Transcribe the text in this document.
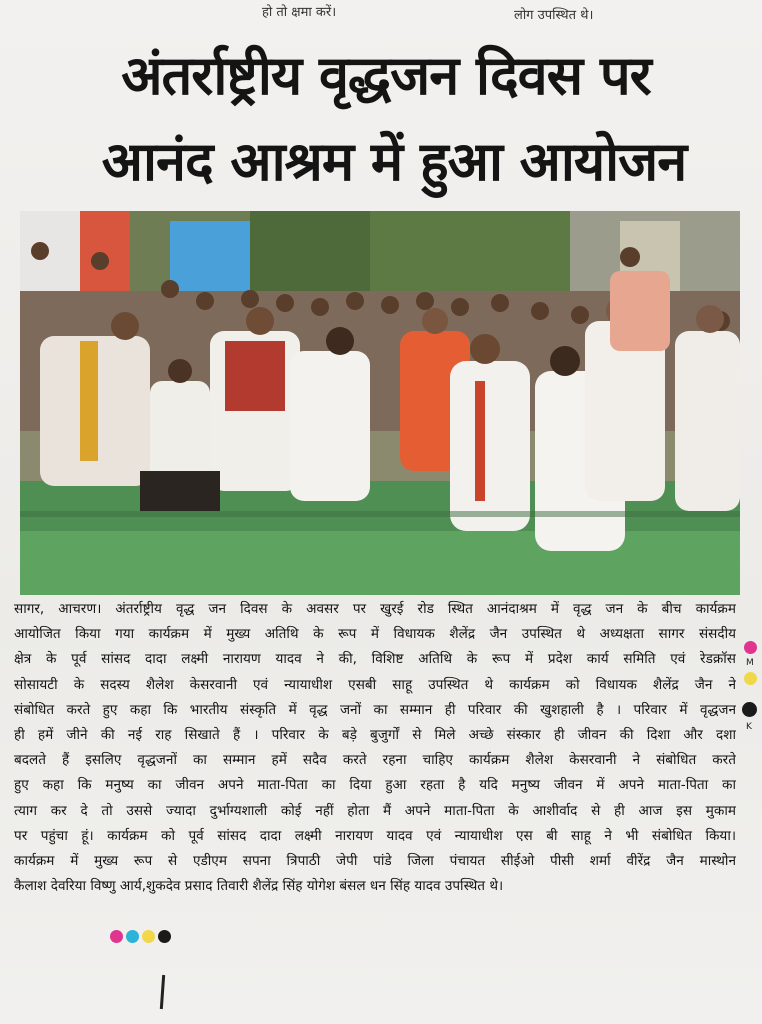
हो तो क्षमा करें।	लोग उपस्थित थे।
अंतर्राष्ट्रीय वृद्धजन दिवस पर
आनंद आश्रम में हुआ आयोजन
सागर, आचरण। अंतर्राष्ट्रीय वृद्ध जन दिवस के अवसर पर खुरई रोड स्थित आनंदाश्रम में वृद्ध जन के बीच कार्यक्रम
आयोजित किया गया कार्यक्रम में मुख्य अतिथि के रूप में विधायक शैलेंद्र जैन उपस्थित थे अध्यक्षता सागर संसदीय
क्षेत्र के पूर्व सांसद दादा लक्ष्मी नारायण यादव ने की, विशिष्ट अतिथि के रूप में प्रदेश कार्य समिति एवं रेडक्रॉस
सोसायटी के सदस्य शैलेश केसरवानी एवं न्यायाधीश एसबी साहू उपस्थित थे कार्यक्रम को विधायक शैलेंद्र जैन ने
संबोधित करते हुए कहा कि भारतीय संस्कृति में वृद्ध जनों का सम्मान ही परिवार की खुशहाली है । परिवार में वृद्धजन
ही हमें जीने की नई राह सिखाते हैं । परिवार के बड़े बुजुर्गों से मिले अच्छे संस्कार ही जीवन की दिशा और दशा
बदलते हैं इसलिए वृद्धजनों का सम्मान हमें सदैव करते रहना चाहिए कार्यक्रम शैलेश केसरवानी ने संबोधित करते
हुए कहा कि मनुष्य का जीवन अपने माता-पिता का दिया हुआ रहता है यदि मनुष्य जीवन में अपने माता-पिता का
त्याग कर दे तो उससे ज्यादा दुर्भाग्यशाली कोई नहीं होता मैं अपने माता-पिता के आशीर्वाद से ही आज इस मुकाम
पर पहुंचा हूं। कार्यक्रम को पूर्व सांसद दादा लक्ष्मी नारायण यादव एवं न्यायाधीश एस बी साहू ने भी संबोधित किया।
कार्यक्रम में मुख्य रूप से एडीएम सपना त्रिपाठी जेपी पांडे जिला पंचायत सीईओ पीसी शर्मा वीरेंद्र जैन मास्थोन
कैलाश देवरिया विष्णु आर्य,शुकदेव प्रसाद तिवारी शैलेंद्र सिंह योगेश बंसल धन सिंह यादव उपस्थित थे।
M
K
